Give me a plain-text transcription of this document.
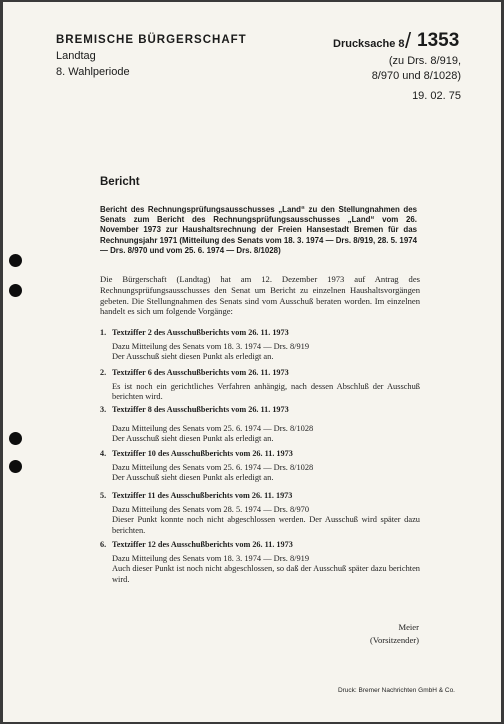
BREMISCHE BÜRGERSCHAFT
Landtag
8. Wahlperiode
Drucksache 8 / 1353
(zu Drs. 8/919,
8/970 und 8/1028)
19. 02. 75
Bericht
Bericht des Rechnungsprüfungsausschusses „Land“ zu den Stellungnahmen des Senats zum Bericht des Rechnungsprüfungsausschusses „Land“ vom 26. November 1973 zur Haushaltsrechnung der Freien Hansestadt Bremen für das Rechnungsjahr 1971 (Mitteilung des Senats vom 18. 3. 1974 — Drs. 8/919, 28. 5. 1974 — Drs. 8/970 und vom 25. 6. 1974 — Drs. 8/1028)
Die Bürgerschaft (Landtag) hat am 12. Dezember 1973 auf Antrag des Rechnungsprüfungsausschusses den Senat um Bericht zu einzelnen Haushaltsvorgängen gebeten. Die Stellungnahmen des Senats sind vom Ausschuß beraten worden. Im einzelnen handelt es sich um folgende Vorgänge:
1. Textziffer 2 des Ausschußberichts vom 26. 11. 1973
Dazu Mitteilung des Senats vom 18. 3. 1974 — Drs. 8/919
Der Ausschuß sieht diesen Punkt als erledigt an.
2. Textziffer 6 des Ausschußberichts vom 26. 11. 1973
Es ist noch ein gerichtliches Verfahren anhängig, nach dessen Abschluß der Ausschuß berichten wird.
3. Textziffer 8 des Ausschußberichts vom 26. 11. 1973
Dazu Mitteilung des Senats vom 25. 6. 1974 — Drs. 8/1028
Der Ausschuß sieht diesen Punkt als erledigt an.
4. Textziffer 10 des Ausschußberichts vom 26. 11. 1973
Dazu Mitteilung des Senats vom 25. 6. 1974 — Drs. 8/1028
Der Ausschuß sieht diesen Punkt als erledigt an.
5. Textziffer 11 des Ausschußberichts vom 26. 11. 1973
Dazu Mitteilung des Senats vom 28. 5. 1974 — Drs. 8/970
Dieser Punkt konnte noch nicht abgeschlossen werden. Der Ausschuß wird später dazu berichten.
6. Textziffer 12 des Ausschußberichts vom 26. 11. 1973
Dazu Mitteilung des Senats vom 18. 3. 1974 — Drs. 8/919
Auch dieser Punkt ist noch nicht abgeschlossen, so daß der Ausschuß später dazu berichten wird.
Meier
(Vorsitzender)
Druck: Bremer Nachrichten GmbH & Co.
